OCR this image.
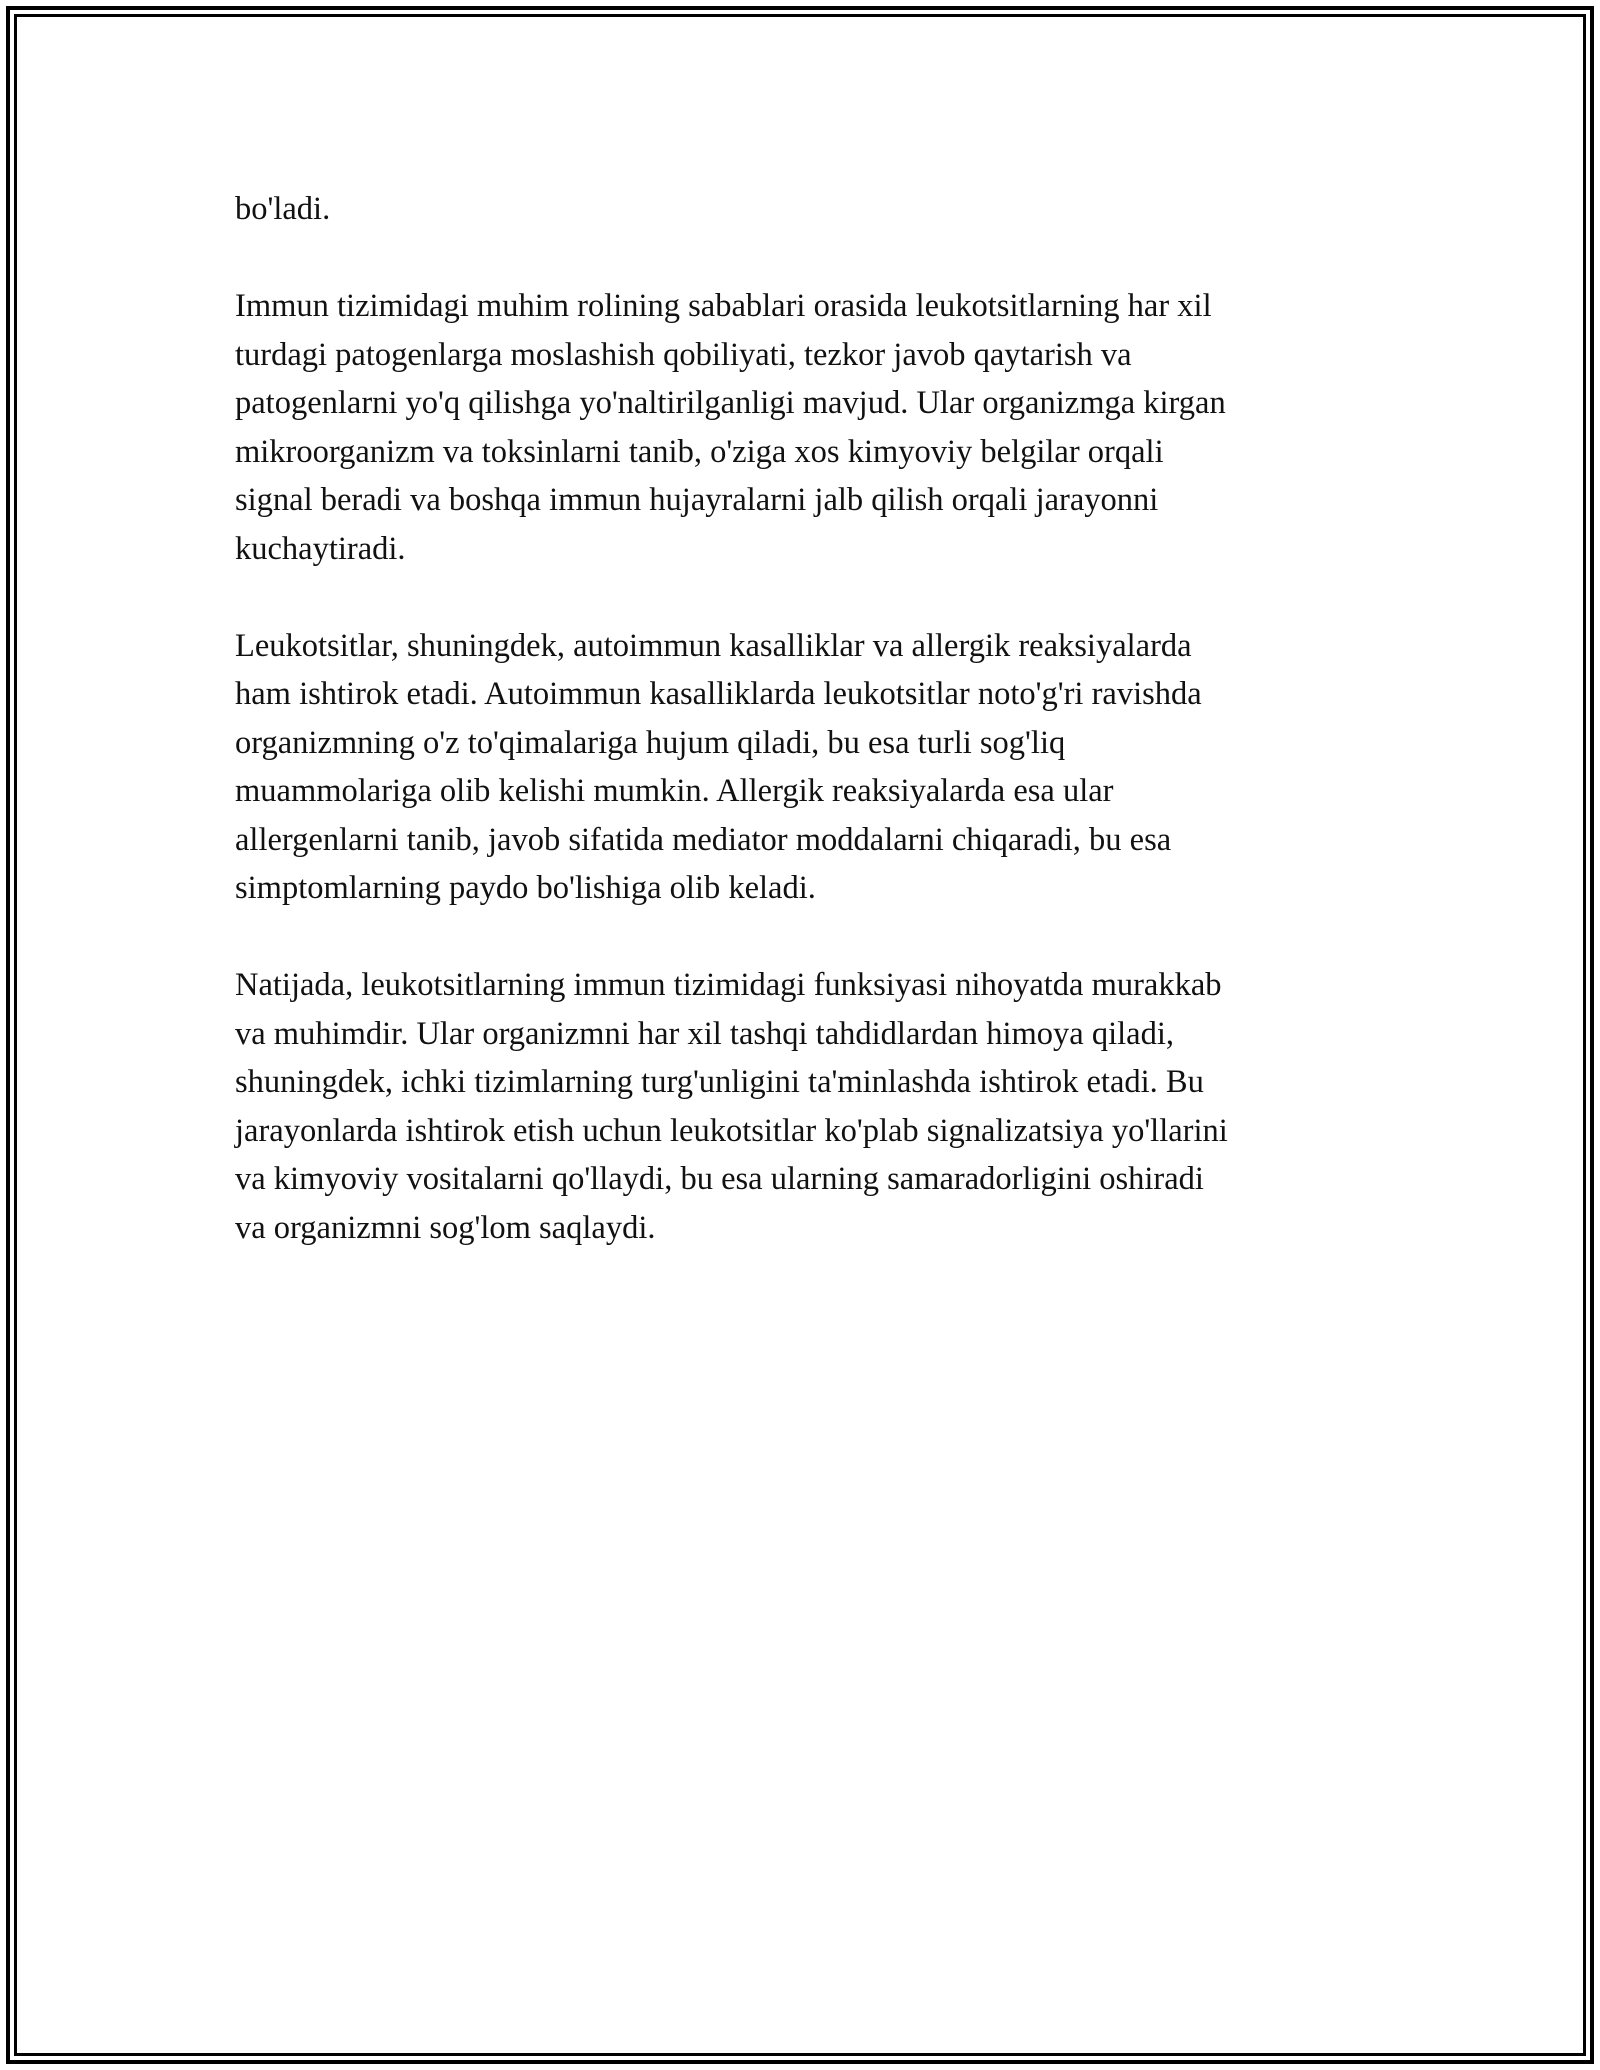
bo'ladi.

Immun tizimidagi muhim rolining sabablari orasida leukotsitlarning har xil
turdagi patogenlarga moslashish qobiliyati, tezkor javob qaytarish va
patogenlarni yo'q qilishga yo'naltirilganligi mavjud. Ular organizmga kirgan
mikroorganizm va toksinlarni tanib, o'ziga xos kimyoviy belgilar orqali
signal beradi va boshqa immun hujayralarni jalb qilish orqali jarayonni
kuchaytiradi.

Leukotsitlar, shuningdek, autoimmun kasalliklar va allergik reaksiyalarda
ham ishtirok etadi. Autoimmun kasalliklarda leukotsitlar noto'g'ri ravishda
organizmning o'z to'qimalariga hujum qiladi, bu esa turli sog'liq
muammolariga olib kelishi mumkin. Allergik reaksiyalarda esa ular
allergenlarni tanib, javob sifatida mediator moddalarni chiqaradi, bu esa
simptomlarning paydo bo'lishiga olib keladi.

Natijada, leukotsitlarning immun tizimidagi funksiyasi nihoyatda murakkab
va muhimdir. Ular organizmni har xil tashqi tahdidlardan himoya qiladi,
shuningdek, ichki tizimlarning turg'unligini ta'minlashda ishtirok etadi. Bu
jarayonlarda ishtirok etish uchun leukotsitlar ko'plab signalizatsiya yo'llarini
va kimyoviy vositalarni qo'llaydi, bu esa ularning samaradorligini oshiradi
va organizmni sog'lom saqlaydi.
